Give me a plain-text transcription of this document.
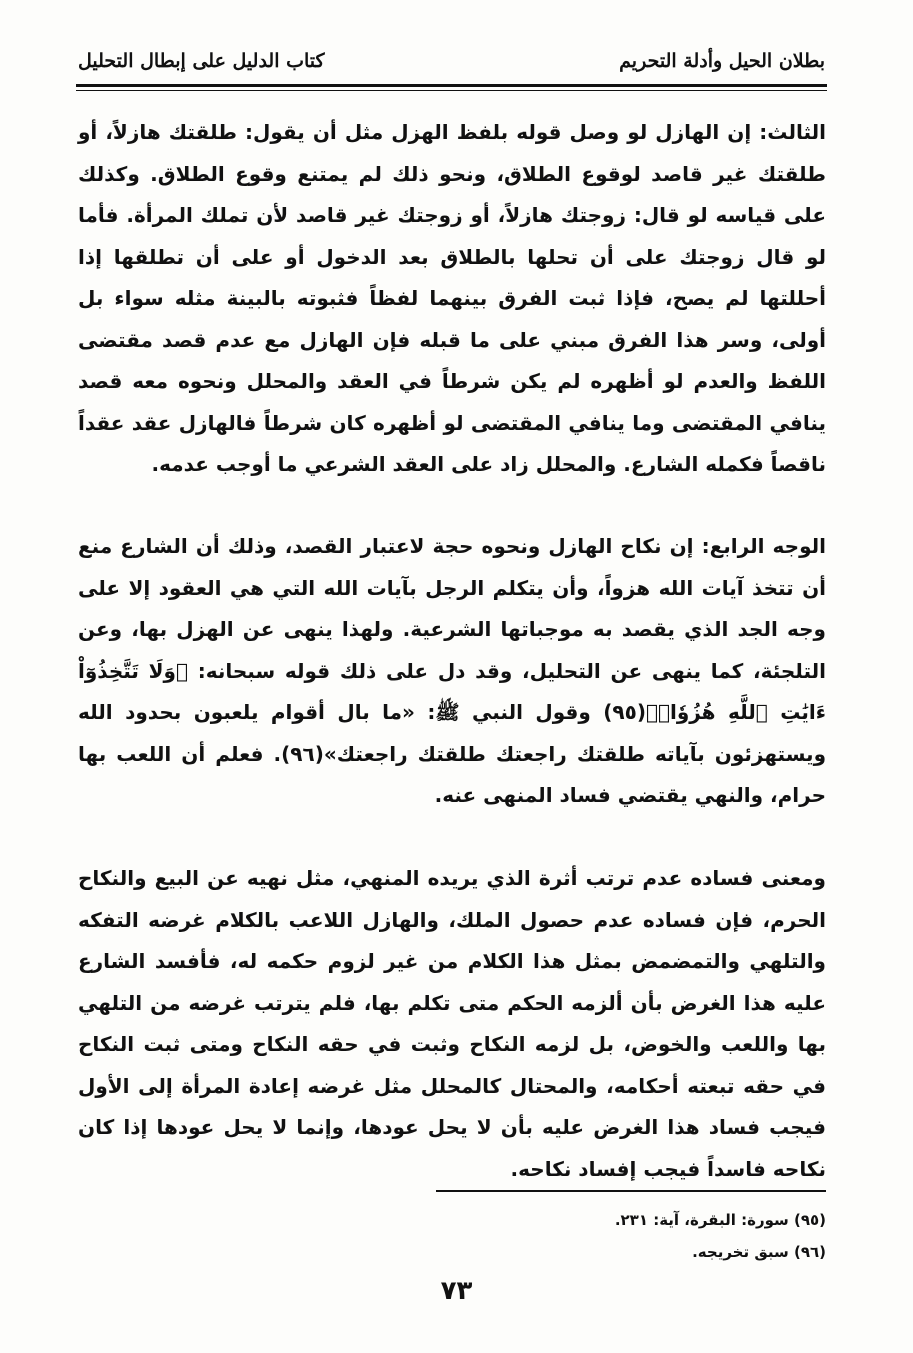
بطلان الحيل وأدلة التحريم
كتاب الدليل على إبطال التحليل
الثالث: إن الهازل لو وصل قوله بلفظ الهزل مثل أن يقول: طلقتك هازلاً، أو طلقتك غير قاصد لوقوع الطلاق، ونحو ذلك لم يمتنع وقوع الطلاق. وكذلك على قياسه لو قال: زوجتك هازلاً، أو زوجتك غير قاصد لأن تملك المرأة. فأما لو قال زوجتك على أن تحلها بالطلاق بعد الدخول أو على أن تطلقها إذا أحللتها لم يصح، فإذا ثبت الفرق بينهما لفظاً فثبوته بالبينة مثله سواء بل أولى، وسر هذا الفرق مبني على ما قبله فإن الهازل مع عدم قصد مقتضى اللفظ والعدم لو أظهره لم يكن شرطاً في العقد والمحلل ونحوه معه قصد ينافي المقتضى وما ينافي المقتضى لو أظهره كان شرطاً فالهازل عقد عقداً ناقصاً فكمله الشارع. والمحلل زاد على العقد الشرعي ما أوجب عدمه.
الوجه الرابع: إن نكاح الهازل ونحوه حجة لاعتبار القصد، وذلك أن الشارع منع أن تتخذ آيات الله هزواً، وأن يتكلم الرجل بآيات الله التي هي العقود إلا على وجه الجد الذي يقصد به موجباتها الشرعية. ولهذا ينهى عن الهزل بها، وعن التلجئة، كما ينهى عن التحليل، وقد دل على ذلك قوله سبحانه: ﴿وَلَا تَتَّخِذُوٓاْ ءَايَٰتِ ٱللَّهِ هُزُوٗاۚ﴾(٩٥) وقول النبي ﷺ: «ما بال أقوام يلعبون بحدود الله ويستهزئون بآياته طلقتك راجعتك طلقتك راجعتك»(٩٦). فعلم أن اللعب بها حرام، والنهي يقتضي فساد المنهى عنه.
ومعنى فساده عدم ترتب أثرة الذي يريده المنهي، مثل نهيه عن البيع والنكاح الحرم، فإن فساده عدم حصول الملك، والهازل اللاعب بالكلام غرضه التفكه والتلهي والتمضمض بمثل هذا الكلام من غير لزوم حكمه له، فأفسد الشارع عليه هذا الغرض بأن ألزمه الحكم متى تكلم بها، فلم يترتب غرضه من التلهي بها واللعب والخوض، بل لزمه النكاح وثبت في حقه النكاح ومتى ثبت النكاح في حقه تبعته أحكامه، والمحتال كالمحلل مثل غرضه إعادة المرأة إلى الأول فيجب فساد هذا الغرض عليه بأن لا يحل عودها، وإنما لا يحل عودها إذا كان نكاحه فاسداً فيجب إفساد نكاحه.
(٩٥) سورة: البقرة، آية: ٢٣١.
(٩٦) سبق تخريجه.
٧٣
